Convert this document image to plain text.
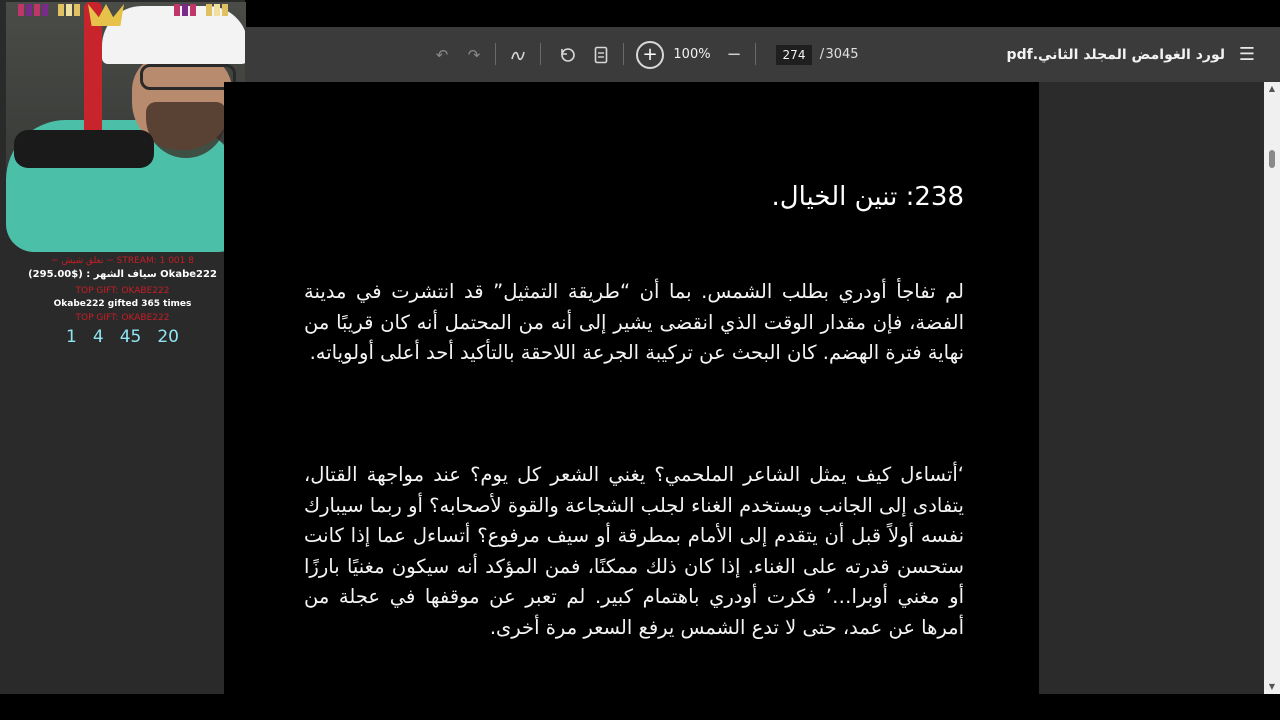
~ نعلق شيش ~ STREAM: 1 001 8
سياف الشهر : ($295.00) Okabe222
TOP GIFT: OKABE222
Okabe222 gifted 365 times
TOP GIFT: OKABE222
1 4 45 20
↶ ↷	+	100% −	274	/ 3045	لورد الغوامض المجلد الثاني.pdf ☰
238: تنين الخيال.
لم تفاجأ أودري بطلب الشمس. بما أن “طريقة التمثيل” قد انتشرت في مدينة الفضة، فإن مقدار الوقت الذي انقضى يشير إلى أنه من المحتمل أنه كان قريبًا من نهاية فترة الهضم. كان البحث عن تركيبة الجرعة اللاحقة بالتأكيد أحد أعلى أولوياته.
‘أتساءل كيف يمثل الشاعر الملحمي؟ يغني الشعر كل يوم؟ عند مواجهة القتال، يتفادى إلى الجانب ويستخدم الغناء لجلب الشجاعة والقوة لأصحابه؟ أو ربما سيبارك نفسه أولاً قبل أن يتقدم إلى الأمام بمطرقة أو سيف مرفوع؟ أتساءل عما إذا كانت ستحسن قدرته على الغناء. إذا كان ذلك ممكنًا، فمن المؤكد أنه سيكون مغنيًا بارزًا أو مغني أوبرا…’ فكرت أودري باهتمام كبير. لم تعبر عن موقفها في عجلة من أمرها عن عمد، حتى لا تدع الشمس يرفع السعر مرة أخرى.
▲
▼
